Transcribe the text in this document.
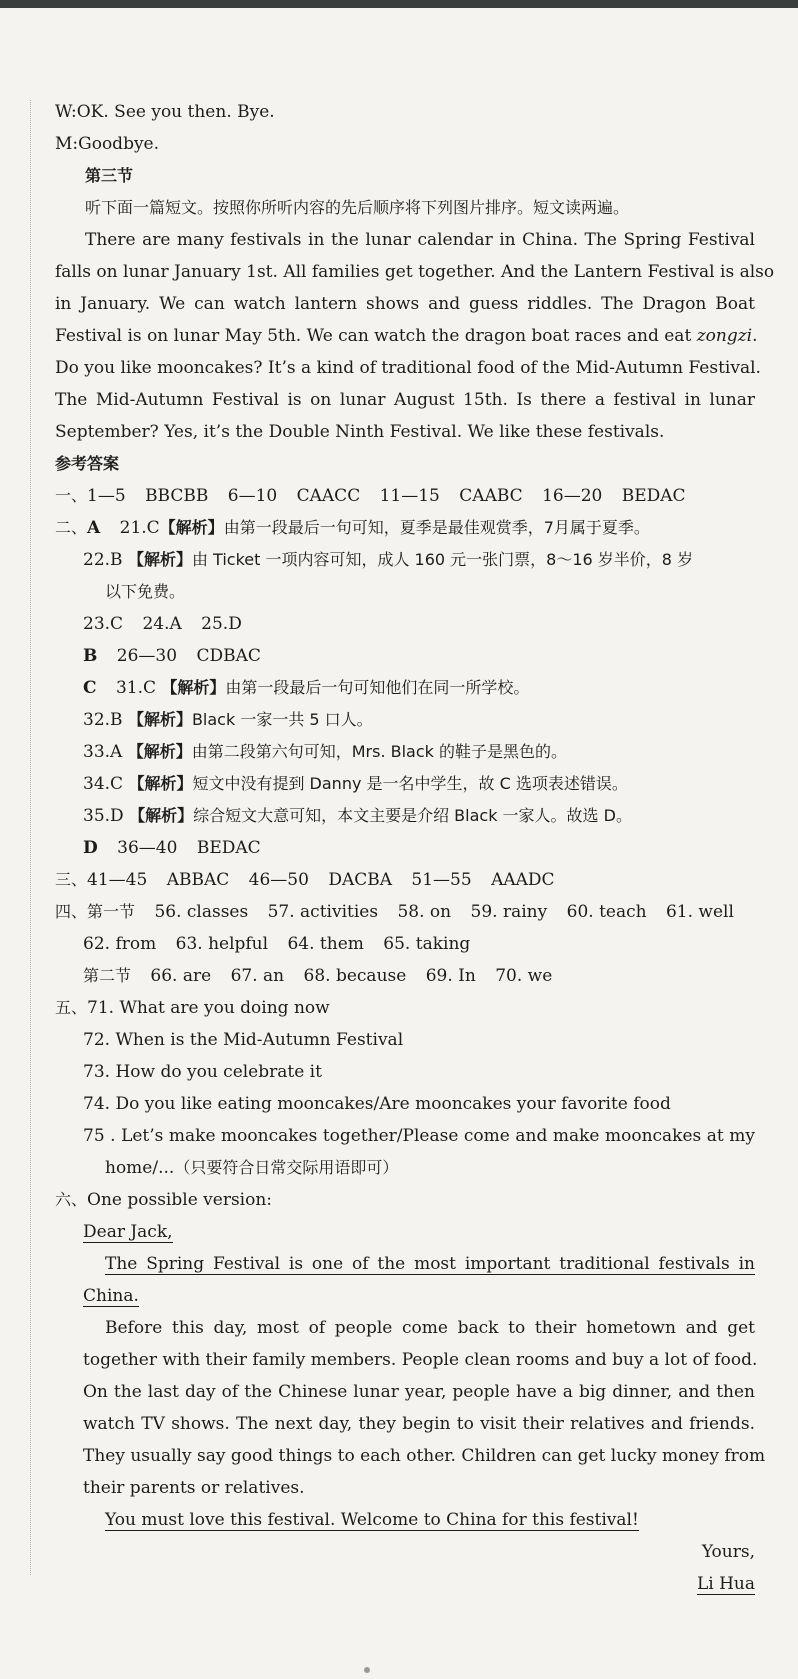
W:OK. See you then. Bye.
M:Goodbye.
第三节
听下面一篇短文。按照你所听内容的先后顺序将下列图片排序。短文读两遍。
There are many festivals in the lunar calendar in China. The Spring Festival
falls on lunar January 1st. All families get together. And the Lantern Festival is also
in January. We can watch lantern shows and guess riddles. The Dragon Boat
Festival is on lunar May 5th. We can watch the dragon boat races and eat zongzi.
Do you like mooncakes? It’s a kind of traditional food of the Mid-Autumn Festival.
The Mid-Autumn Festival is on lunar August 15th. Is there a festival in lunar
September? Yes, it’s the Double Ninth Festival. We like these festivals.
参考答案
一、1—5 BBCBB 6—10 CAACC 11—15 CAABC 16—20 BEDAC
二、A 21.C【解析】由第一段最后一句可知，夏季是最佳观赏季，7月属于夏季。
22.B 【解析】由 Ticket 一项内容可知，成人 160 元一张门票，8～16 岁半价，8 岁
以下免费。
23.C 24.A 25.D
B 26—30 CDBAC
C 31.C 【解析】由第一段最后一句可知他们在同一所学校。
32.B 【解析】Black 一家一共 5 口人。
33.A 【解析】由第二段第六句可知，Mrs. Black 的鞋子是黑色的。
34.C 【解析】短文中没有提到 Danny 是一名中学生，故 C 选项表述错误。
35.D 【解析】综合短文大意可知，本文主要是介绍 Black 一家人。故选 D。
D 36—40 BEDAC
三、41—45 ABBAC 46—50 DACBA 51—55 AAADC
四、第一节 56. classes 57. activities 58. on 59. rainy 60. teach 61. well
62. from 63. helpful 64. them 65. taking
第二节 66. are 67. an 68. because 69. In 70. we
五、71. What are you doing now
72. When is the Mid-Autumn Festival
73. How do you celebrate it
74. Do you like eating mooncakes/Are mooncakes your favorite food
75 . Let’s make mooncakes together/Please come and make mooncakes at my
home/...（只要符合日常交际用语即可）
六、One possible version:
Dear Jack,
The Spring Festival is one of the most important traditional festivals in
China.
Before this day, most of people come back to their hometown and get
together with their family members. People clean rooms and buy a lot of food.
On the last day of the Chinese lunar year, people have a big dinner, and then
watch TV shows. The next day, they begin to visit their relatives and friends.
They usually say good things to each other. Children can get lucky money from
their parents or relatives.
You must love this festival. Welcome to China for this festival!
Yours,
Li Hua
